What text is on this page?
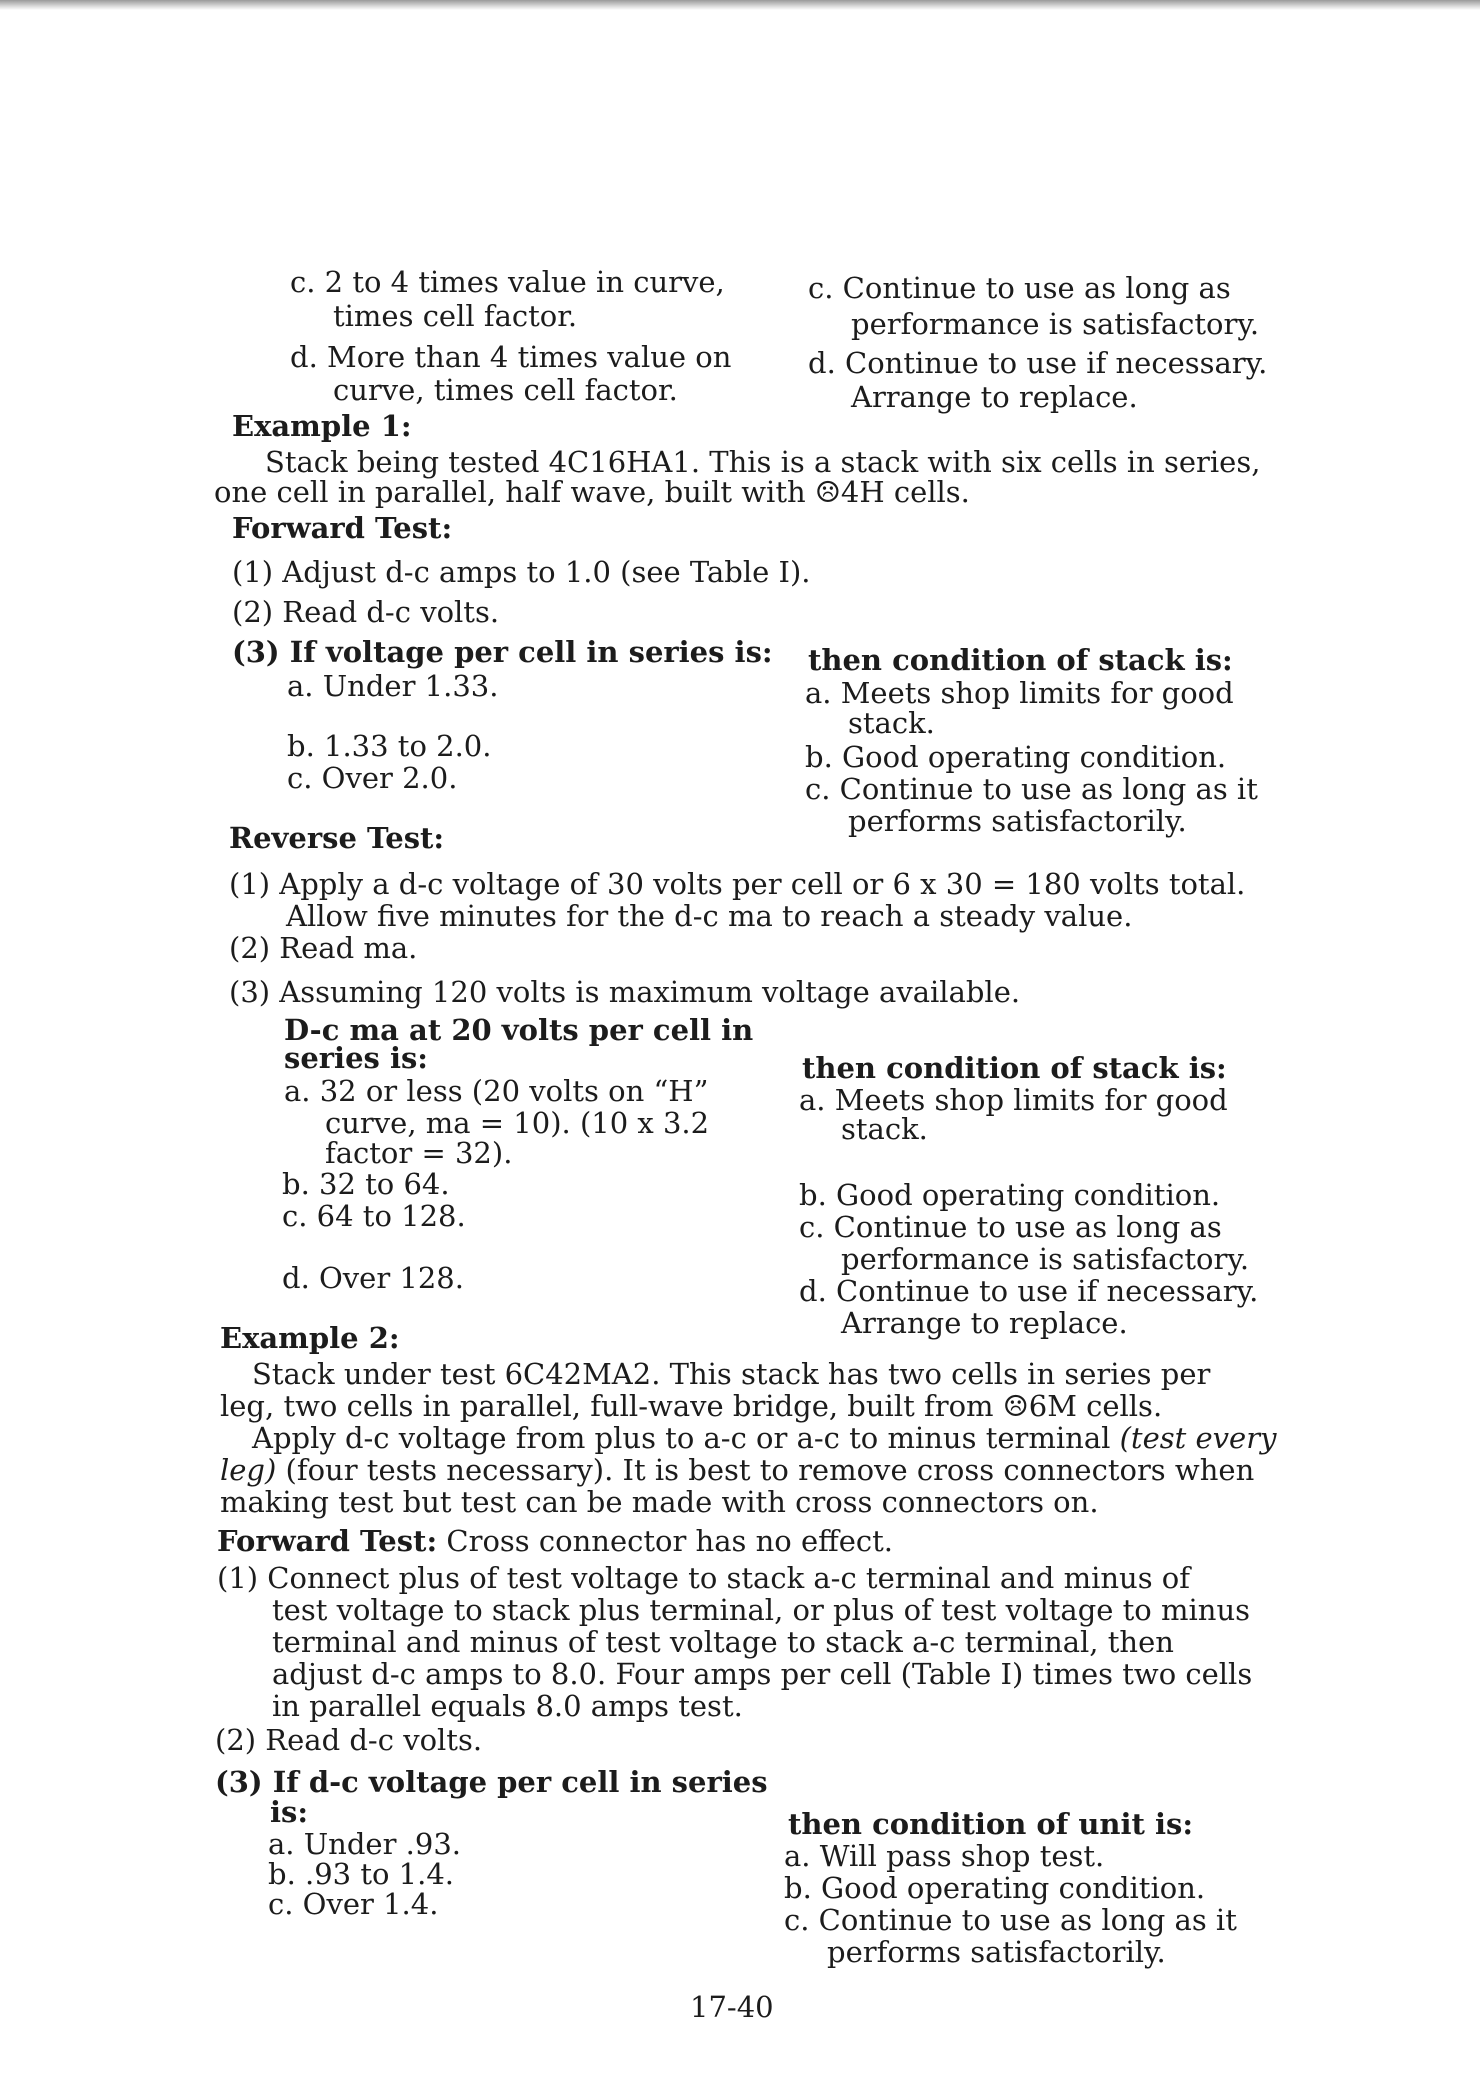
c. 2 to 4 times value in curve,
times cell factor.
d. More than 4 times value on
curve, times cell factor.
c. Continue to use as long as
performance is satisfactory.
d. Continue to use if necessary.
Arrange to replace.
Example 1:
Stack being tested 4C16HA1. This is a stack with six cells in series,
one cell in parallel, half wave, built with ☹4H cells.
Forward Test:
(1) Adjust d-c amps to 1.0 (see Table I).
(2) Read d-c volts.
(3) If voltage per cell in series is: then condition of stack is:
a. Under 1.33.
b. 1.33 to 2.0.
c. Over 2.0.
a. Meets shop limits for good
stack.
b. Good operating condition.
c. Continue to use as long as it
performs satisfactorily.
Reverse Test:
(1) Apply a d-c voltage of 30 volts per cell or 6 x 30 = 180 volts total.
Allow five minutes for the d-c ma to reach a steady value.
(2) Read ma.
(3) Assuming 120 volts is maximum voltage available.
D-c ma at 20 volts per cell in
series is:	then condition of stack is:
a. 32 or less (20 volts on “H”
curve, ma = 10). (10 x 3.2
factor = 32).
b. 32 to 64.
c. 64 to 128.
d. Over 128.
a. Meets shop limits for good
stack.
b. Good operating condition.
c. Continue to use as long as
performance is satisfactory.
d. Continue to use if necessary.
Arrange to replace.
Example 2:
Stack under test 6C42MA2. This stack has two cells in series per
leg, two cells in parallel, full-wave bridge, built from ☹6M cells.
Apply d-c voltage from plus to a-c or a-c to minus terminal (test every
leg) (four tests necessary). It is best to remove cross connectors when
making test but test can be made with cross connectors on.
Forward Test: Cross connector has no effect.
(1) Connect plus of test voltage to stack a-c terminal and minus of
test voltage to stack plus terminal, or plus of test voltage to minus
terminal and minus of test voltage to stack a-c terminal, then
adjust d-c amps to 8.0. Four amps per cell (Table I) times two cells
in parallel equals 8.0 amps test.
(2) Read d-c volts.
(3) If d-c voltage per cell in series
is:	then condition of unit is:
a. Under .93.
b. .93 to 1.4.
c. Over 1.4.
a. Will pass shop test.
b. Good operating condition.
c. Continue to use as long as it
performs satisfactorily.
17-40
